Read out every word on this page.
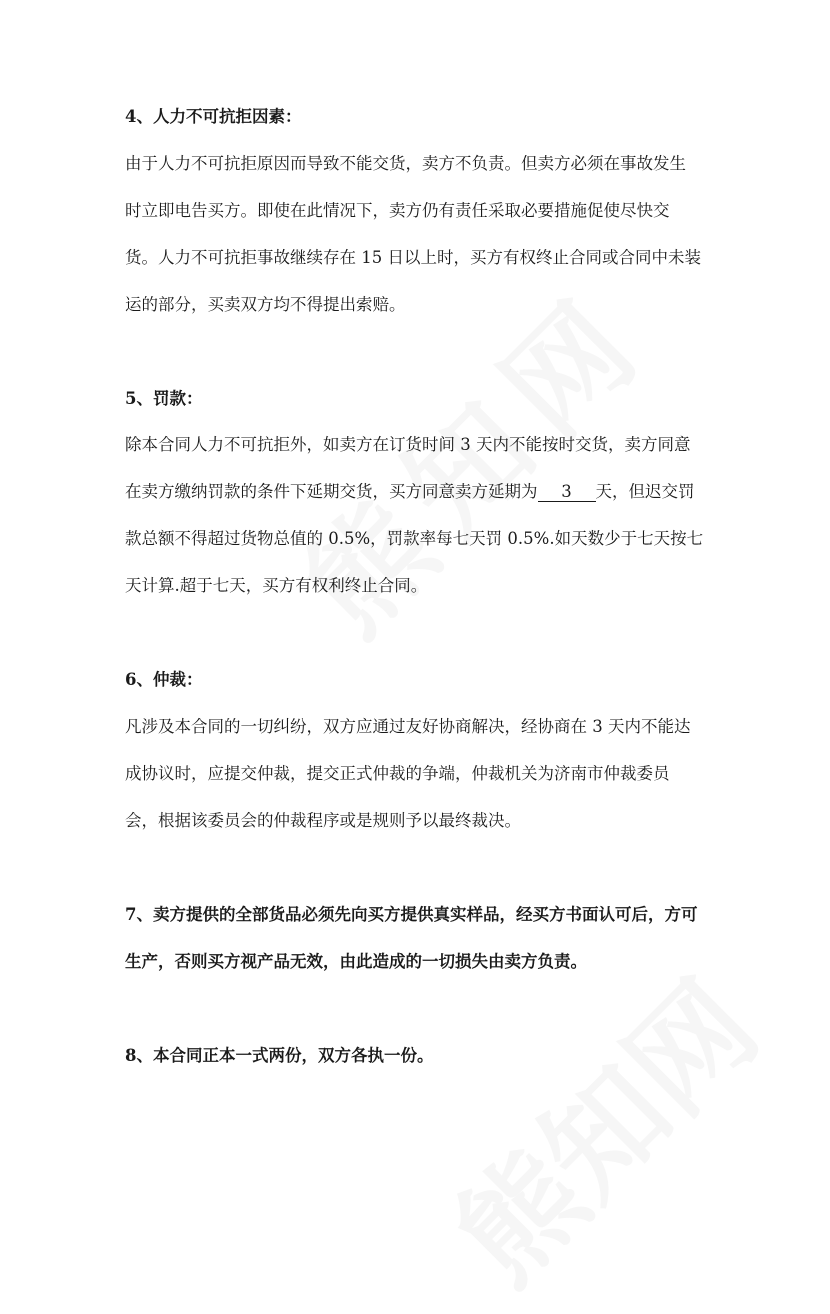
4、人力不可抗拒因素：
由于人力不可抗拒原因而导致不能交货，卖方不负责。但卖方必须在事故发生
时立即电告买方。即使在此情况下，卖方仍有责任采取必要措施促使尽快交
货。人力不可抗拒事故继续存在 15 日以上时，买方有权终止合同或合同中未装
运的部分，买卖双方均不得提出索赔。
5、罚款：
除本合同人力不可抗拒外，如卖方在订货时间 3 天内不能按时交货，卖方同意
在卖方缴纳罚款的条件下延期交货，买方同意卖方延期为 3 天，但迟交罚
款总额不得超过货物总值的 0.5%，罚款率每七天罚 0.5%.如天数少于七天按七
天计算.超于七天，买方有权利终止合同。
6、仲裁：
凡涉及本合同的一切纠纷，双方应通过友好协商解决，经协商在 3 天内不能达
成协议时，应提交仲裁，提交正式仲裁的争端，仲裁机关为济南市仲裁委员
会，根据该委员会的仲裁程序或是规则予以最终裁决。
7、卖方提供的全部货品必须先向买方提供真实样品，经买方书面认可后，方可
生产，否则买方视产品无效，由此造成的一切损失由卖方负责。
8、本合同正本一式两份，双方各执一份。
